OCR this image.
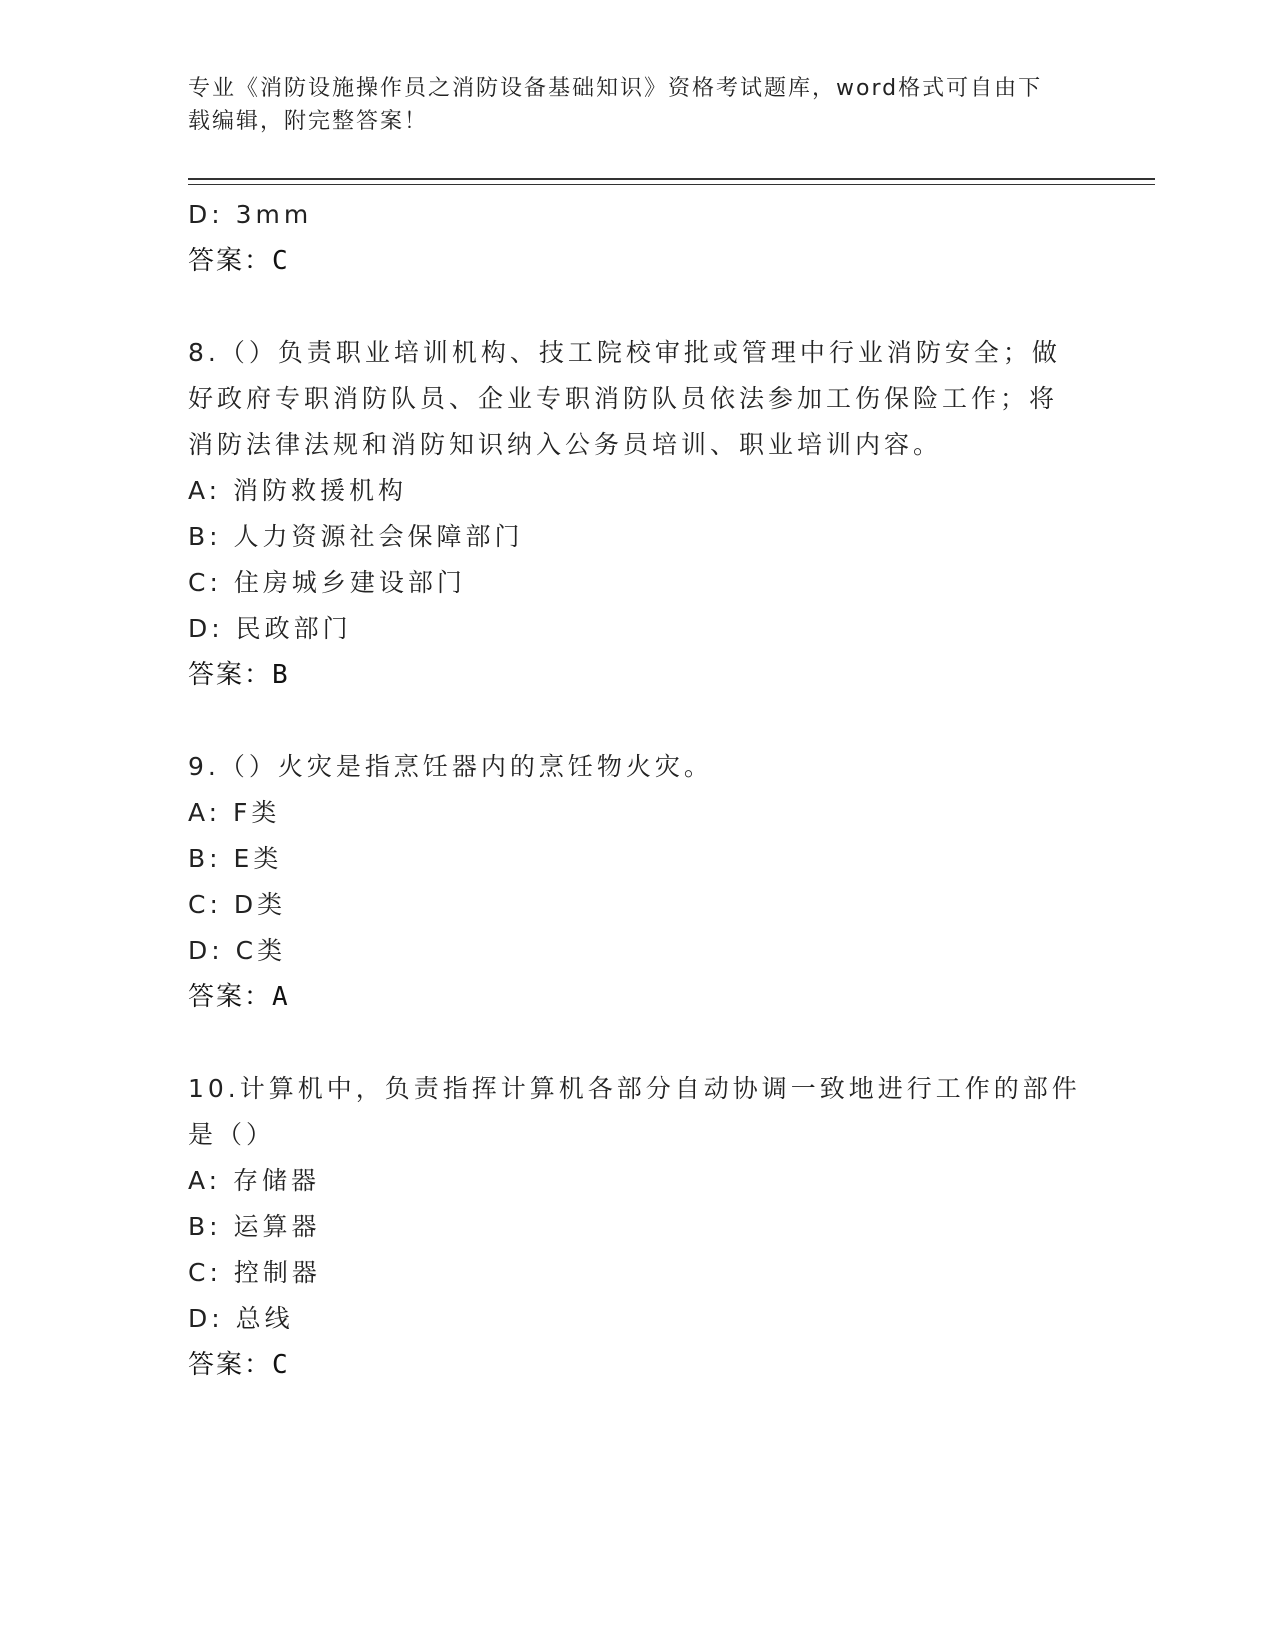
专业《消防设施操作员之消防设备基础知识》资格考试题库，word格式可自由下
载编辑，附完整答案！
D: 3mm
答案：C
8.（）负责职业培训机构、技工院校审批或管理中行业消防安全；做
好政府专职消防队员、企业专职消防队员依法参加工伤保险工作；将
消防法律法规和消防知识纳入公务员培训、职业培训内容。
A: 消防救援机构
B: 人力资源社会保障部门
C: 住房城乡建设部门
D: 民政部门
答案：B
9.（）火灾是指烹饪器内的烹饪物火灾。
A: F类
B: E类
C: D类
D: C类
答案：A
10.计算机中，负责指挥计算机各部分自动协调一致地进行工作的部件
是（）
A: 存储器
B: 运算器
C: 控制器
D: 总线
答案：C
